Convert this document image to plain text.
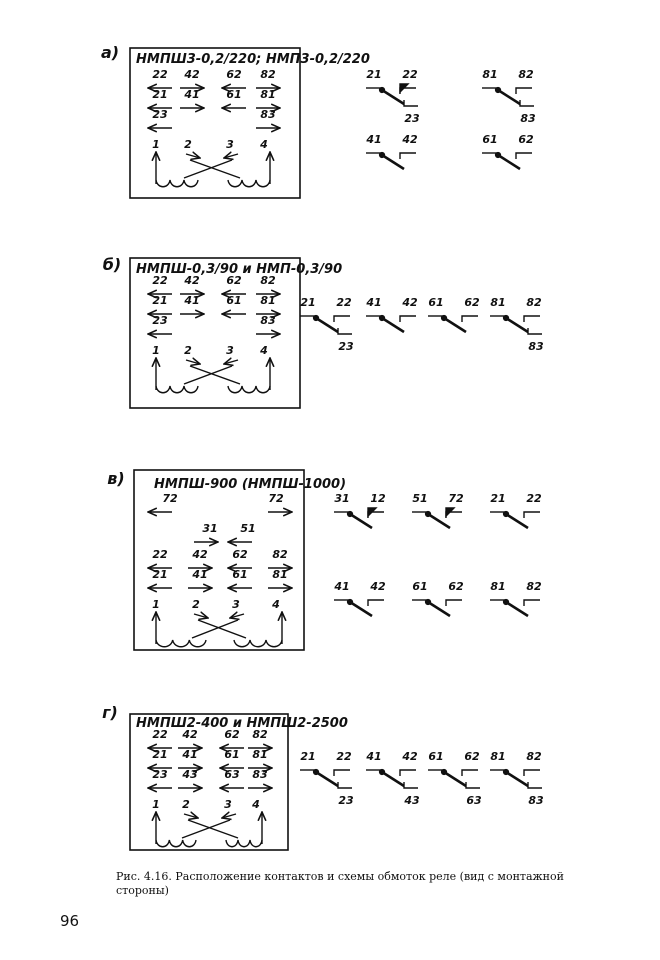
а) НМПШ3-0,2/220; НМП3-0,2/220
22 42 62 82
21 41 61 81
23	83
1 2	3 4
21 22
23
81 82
83
41 42	61 62
б) НМПШ-0,3/90 и НМП-0,3/90
22 42 62 82
21 41 61 81
23	83
1 2	3 4
21 22
23
41 42 61 62 81 82
83
в) НМПШ-900 (НМПШ-1000)
72	72
31 51
22 42 62 82
21 41 61 81
1	2	3	4
31 12 51 72 21 22
41 42 61 62 81 82
г)
НМПШ2-400 и НМПШ2-2500
22 42 62 82
21 41 61 81
23 43 63 83
1 2	3 4
21 22
23
41 42
43
61 62
63
81 82
83
Рис. 4.16. Расположение контактов и схемы обмоток реле (вид с монтажной стороны)
96
